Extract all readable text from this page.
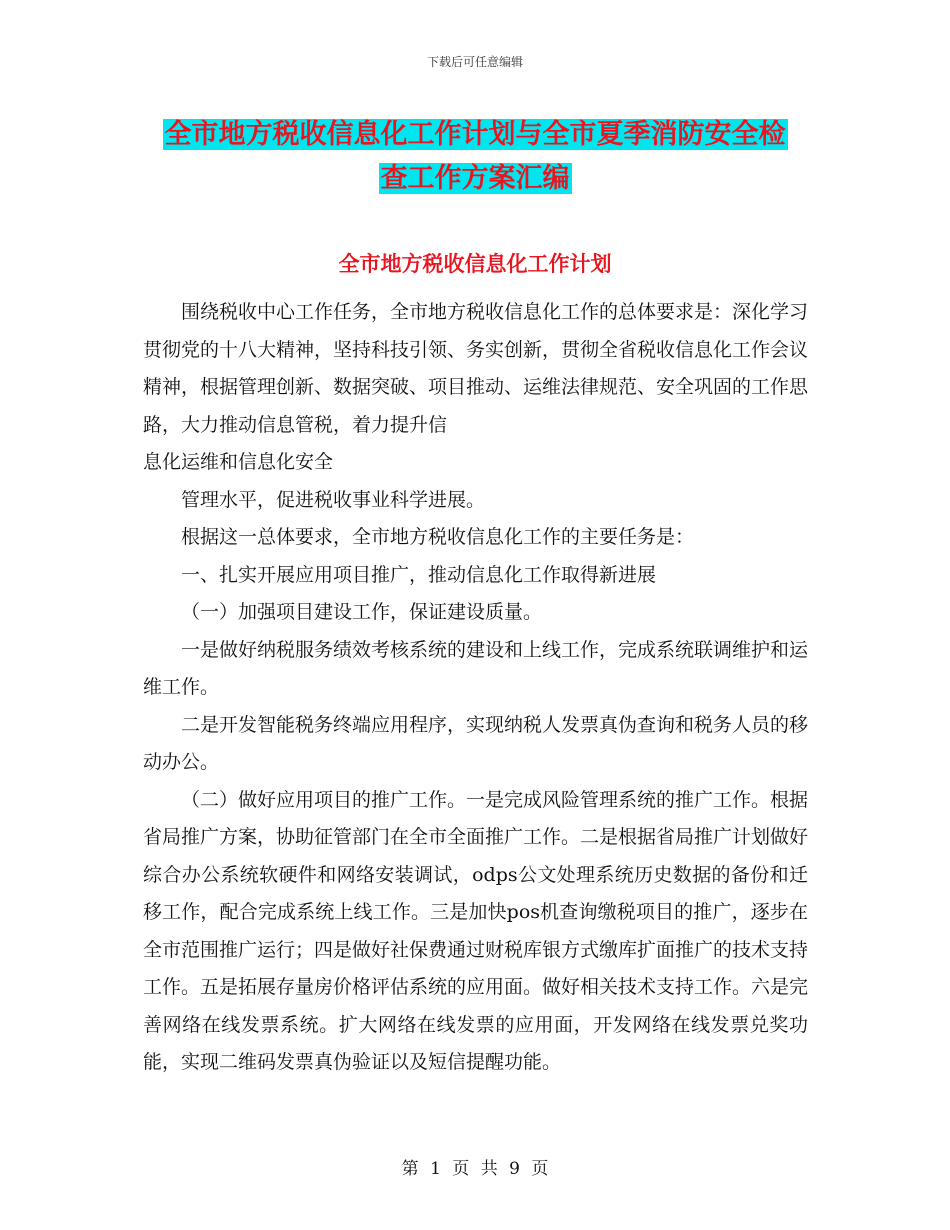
下载后可任意编辑
全市地方税收信息化工作计划与全市夏季消防安全检
查工作方案汇编
全市地方税收信息化工作计划

围绕税收中心工作任务，全市地方税收信息化工作的总体要求是：深化学习贯彻党的十八大精神，坚持科技引领、务实创新，贯彻全省税收信息化工作会议精神，根据管理创新、数据突破、项目推动、运维法律规范、安全巩固的工作思路，大力推动信息管税，着力提升信

息化运维和信息化安全

管理水平，促进税收事业科学进展。

根据这一总体要求，全市地方税收信息化工作的主要任务是：

一、扎实开展应用项目推广，推动信息化工作取得新进展

（一）加强项目建设工作，保证建设质量。

一是做好纳税服务绩效考核系统的建设和上线工作，完成系统联调维护和运维工作。

二是开发智能税务终端应用程序，实现纳税人发票真伪查询和税务人员的移动办公。

（二）做好应用项目的推广工作。一是完成风险管理系统的推广工作。根据省局推广方案，协助征管部门在全市全面推广工作。二是根据省局推广计划做好综合办公系统软硬件和网络安装调试，odps公文处理系统历史数据的备份和迁移工作，配合完成系统上线工作。三是加快pos机查询缴税项目的推广，逐步在全市范围推广运行；四是做好社保费通过财税库银方式缴库扩面推广的技术支持工作。五是拓展存量房价格评估系统的应用面。做好相关技术支持工作。六是完善网络在线发票系统。扩大网络在线发票的应用面，开发网络在线发票兑奖功能，实现二维码发票真伪验证以及短信提醒功能。

第 1 页 共 9 页
